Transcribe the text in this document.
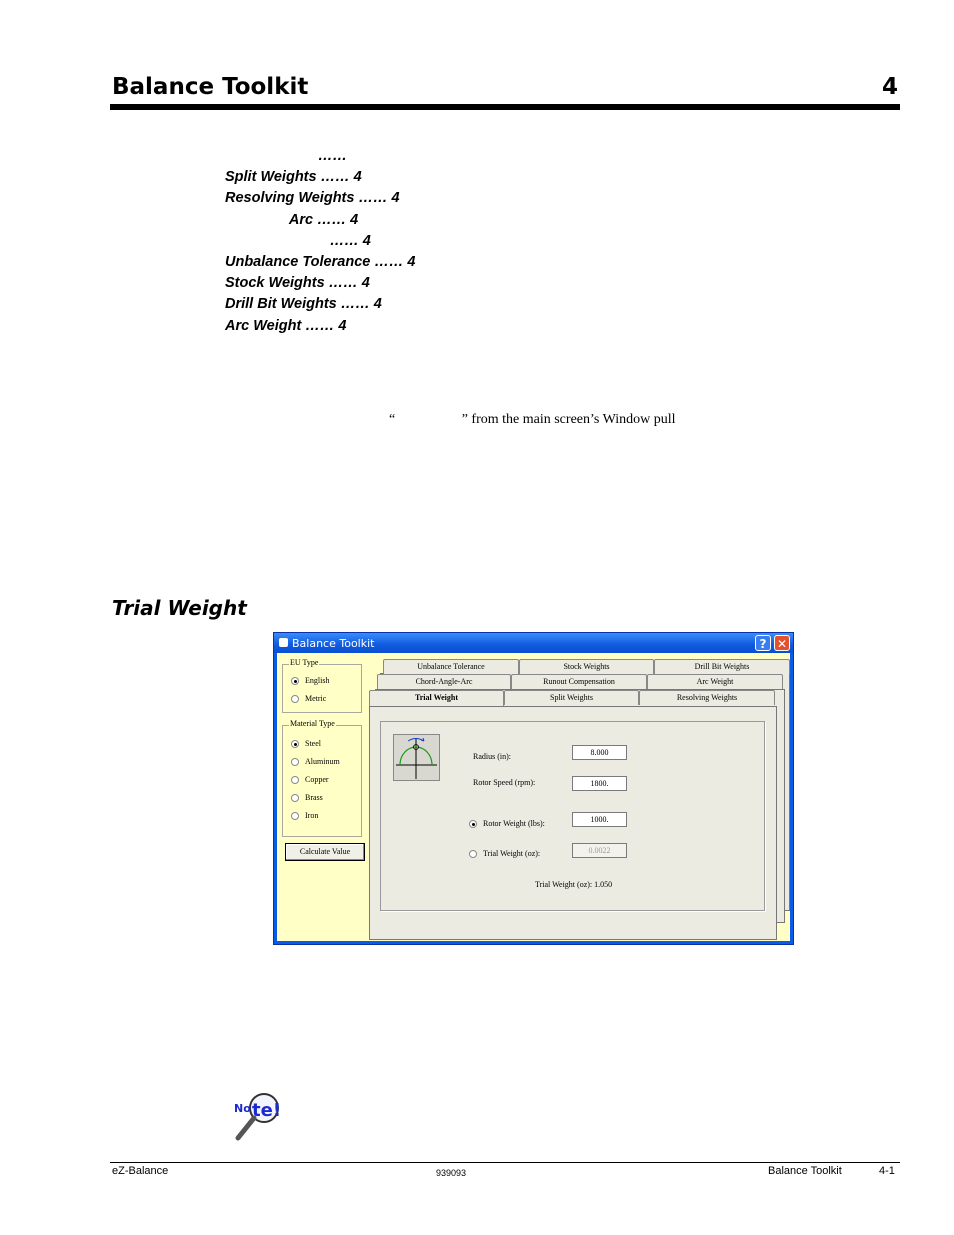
Balance Toolkit	4
……
Split Weights …… 4
Resolving Weights …… 4
Arc …… 4
…… 4
Unbalance Tolerance …… 4
Stock Weights …… 4
Drill Bit Weights …… 4
Arc Weight …… 4
“                   ” from the main screen’s Window pull
Trial Weight
Balance Toolkit	? ✕
EU Type
English
Metric
Material Type
Steel
Aluminum
Copper
Brass
Iron
Calculate Value
Unbalance Tolerance	Stock Weights	Drill Bit Weights
Chord-Angle-Arc	Runout Compensation	Arc Weight
Radius (in):	8.000
Rotor Speed (rpm):	1800.
Rotor Weight (lbs):	1000.
Trial Weight (oz):	0.0022
Trial Weight (oz): 1.050
Trial Weight	Split Weights	Resolving Weights
No te!
eZ-Balance	939093	Balance Toolkit	4-1
